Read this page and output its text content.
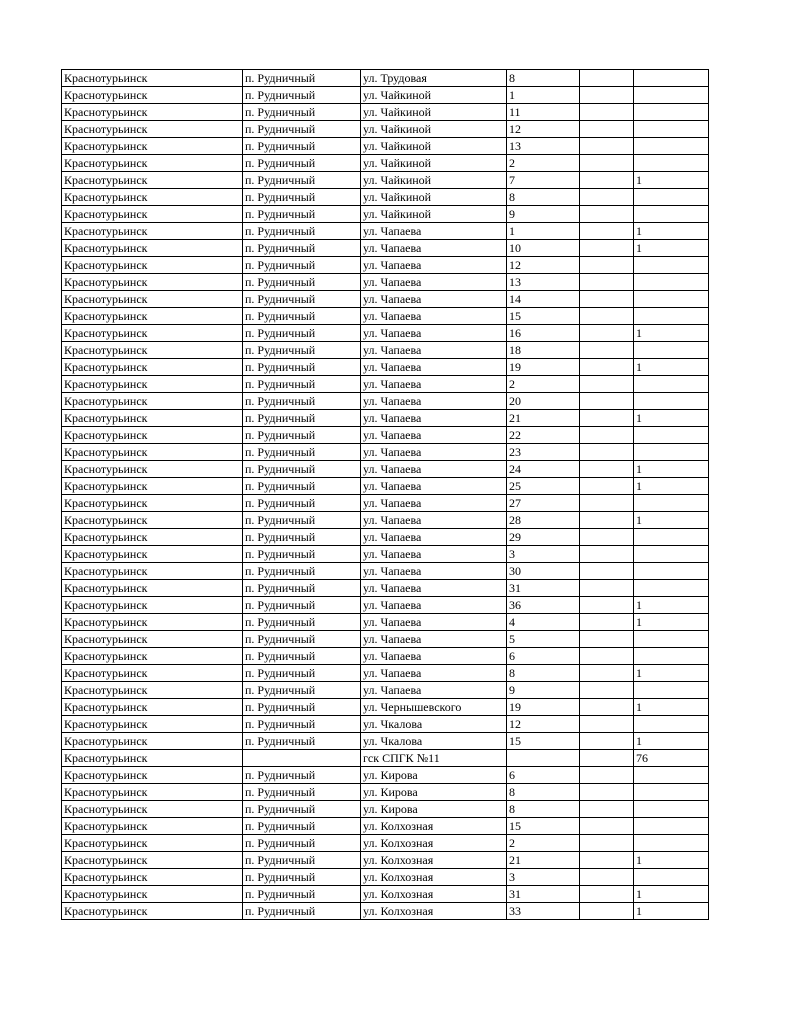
Краснотурьинск	п. Рудничный	ул. Трудовая	8		
Краснотурьинск	п. Рудничный	ул. Чайкиной	1		
Краснотурьинск	п. Рудничный	ул. Чайкиной	11		
Краснотурьинск	п. Рудничный	ул. Чайкиной	12		
Краснотурьинск	п. Рудничный	ул. Чайкиной	13		
Краснотурьинск	п. Рудничный	ул. Чайкиной	2		
Краснотурьинск	п. Рудничный	ул. Чайкиной	7		1
Краснотурьинск	п. Рудничный	ул. Чайкиной	8		
Краснотурьинск	п. Рудничный	ул. Чайкиной	9		
Краснотурьинск	п. Рудничный	ул. Чапаева	1		1
Краснотурьинск	п. Рудничный	ул. Чапаева	10		1
Краснотурьинск	п. Рудничный	ул. Чапаева	12		
Краснотурьинск	п. Рудничный	ул. Чапаева	13		
Краснотурьинск	п. Рудничный	ул. Чапаева	14		
Краснотурьинск	п. Рудничный	ул. Чапаева	15		
Краснотурьинск	п. Рудничный	ул. Чапаева	16		1
Краснотурьинск	п. Рудничный	ул. Чапаева	18		
Краснотурьинск	п. Рудничный	ул. Чапаева	19		1
Краснотурьинск	п. Рудничный	ул. Чапаева	2		
Краснотурьинск	п. Рудничный	ул. Чапаева	20		
Краснотурьинск	п. Рудничный	ул. Чапаева	21		1
Краснотурьинск	п. Рудничный	ул. Чапаева	22		
Краснотурьинск	п. Рудничный	ул. Чапаева	23		
Краснотурьинск	п. Рудничный	ул. Чапаева	24		1
Краснотурьинск	п. Рудничный	ул. Чапаева	25		1
Краснотурьинск	п. Рудничный	ул. Чапаева	27		
Краснотурьинск	п. Рудничный	ул. Чапаева	28		1
Краснотурьинск	п. Рудничный	ул. Чапаева	29		
Краснотурьинск	п. Рудничный	ул. Чапаева	3		
Краснотурьинск	п. Рудничный	ул. Чапаева	30		
Краснотурьинск	п. Рудничный	ул. Чапаева	31		
Краснотурьинск	п. Рудничный	ул. Чапаева	36		1
Краснотурьинск	п. Рудничный	ул. Чапаева	4		1
Краснотурьинск	п. Рудничный	ул. Чапаева	5		
Краснотурьинск	п. Рудничный	ул. Чапаева	6		
Краснотурьинск	п. Рудничный	ул. Чапаева	8		1
Краснотурьинск	п. Рудничный	ул. Чапаева	9		
Краснотурьинск	п. Рудничный	ул. Чернышевского	19		1
Краснотурьинск	п. Рудничный	ул. Чкалова	12		
Краснотурьинск	п. Рудничный	ул. Чкалова	15		1
Краснотурьинск		гск СПГК №11			76
Краснотурьинск	п. Рудничный	ул. Кирова	6		
Краснотурьинск	п. Рудничный	ул. Кирова	8		
Краснотурьинск	п. Рудничный	ул. Кирова	8		
Краснотурьинск	п. Рудничный	ул. Колхозная	15		
Краснотурьинск	п. Рудничный	ул. Колхозная	2		
Краснотурьинск	п. Рудничный	ул. Колхозная	21		1
Краснотурьинск	п. Рудничный	ул. Колхозная	3		
Краснотурьинск	п. Рудничный	ул. Колхозная	31		1
Краснотурьинск	п. Рудничный	ул. Колхозная	33		1
